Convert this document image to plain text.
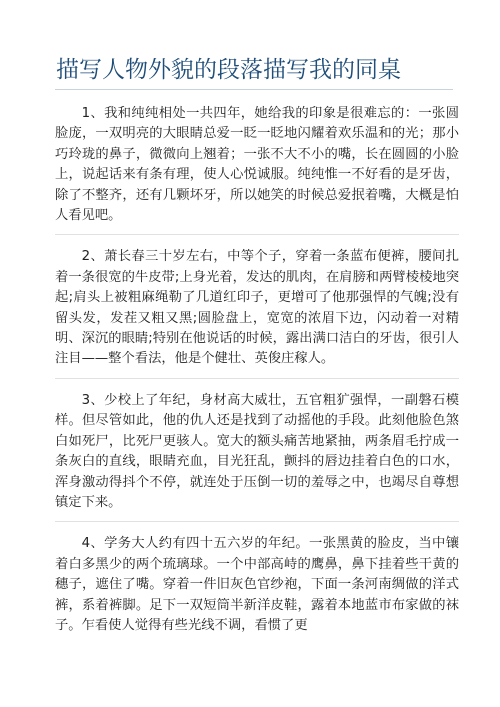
描写人物外貌的段落描写我的同桌

1、我和纯纯相处一共四年，她给我的印象是很难忘的：一张圆脸庞，一双明亮的大眼睛总爱一眨一眨地闪耀着欢乐温和的光；那小巧玲珑的鼻子，微微向上翘着；一张不大不小的嘴，长在圆圆的小脸上，说起话来有条有理，使人心悦诚服。纯纯惟一不好看的是牙齿，除了不整齐，还有几颗坏牙，所以她笑的时候总爱抿着嘴，大概是怕人看见吧。

2、萧长春三十岁左右，中等个子，穿着一条蓝布便裤，腰间扎着一条很宽的牛皮带;上身光着，发达的肌肉，在肩膀和两臂棱棱地突起;肩头上被粗麻绳勒了几道红印子，更增可了他那强悍的气魄;没有留头发，发茬又粗又黑;圆脸盘上，宽宽的浓眉下边，闪动着一对精明、深沉的眼睛;特别在他说话的时候，露出满口洁白的牙齿，很引人注目——整个看法，他是个健壮、英俊庄稼人。

3、少校上了年纪，身材高大威壮，五官粗犷强悍，一副磐石模样。但尽管如此，他的仇人还是找到了动摇他的手段。此刻他脸色煞白如死尸，比死尸更骇人。宽大的额头痛苦地紧抽，两条眉毛拧成一条灰白的直线，眼睛充血，目光狂乱，颤抖的唇边挂着白色的口水，浑身激动得抖个不停，就连处于压倒一切的羞辱之中，也竭尽自尊想镇定下来。

4、学务大人约有四十五六岁的年纪。一张黑黄的脸皮，当中镶着白多黑少的两个琉璃球。一个中部高峙的鹰鼻，鼻下挂着些干黄的穗子，遮住了嘴。穿着一件旧灰色官纱袍，下面一条河南绸做的洋式裤，系着裤脚。足下一双短筒半新洋皮鞋，露着本地蓝市布家做的袜子。乍看使人觉得有些光线不调，看惯了更
